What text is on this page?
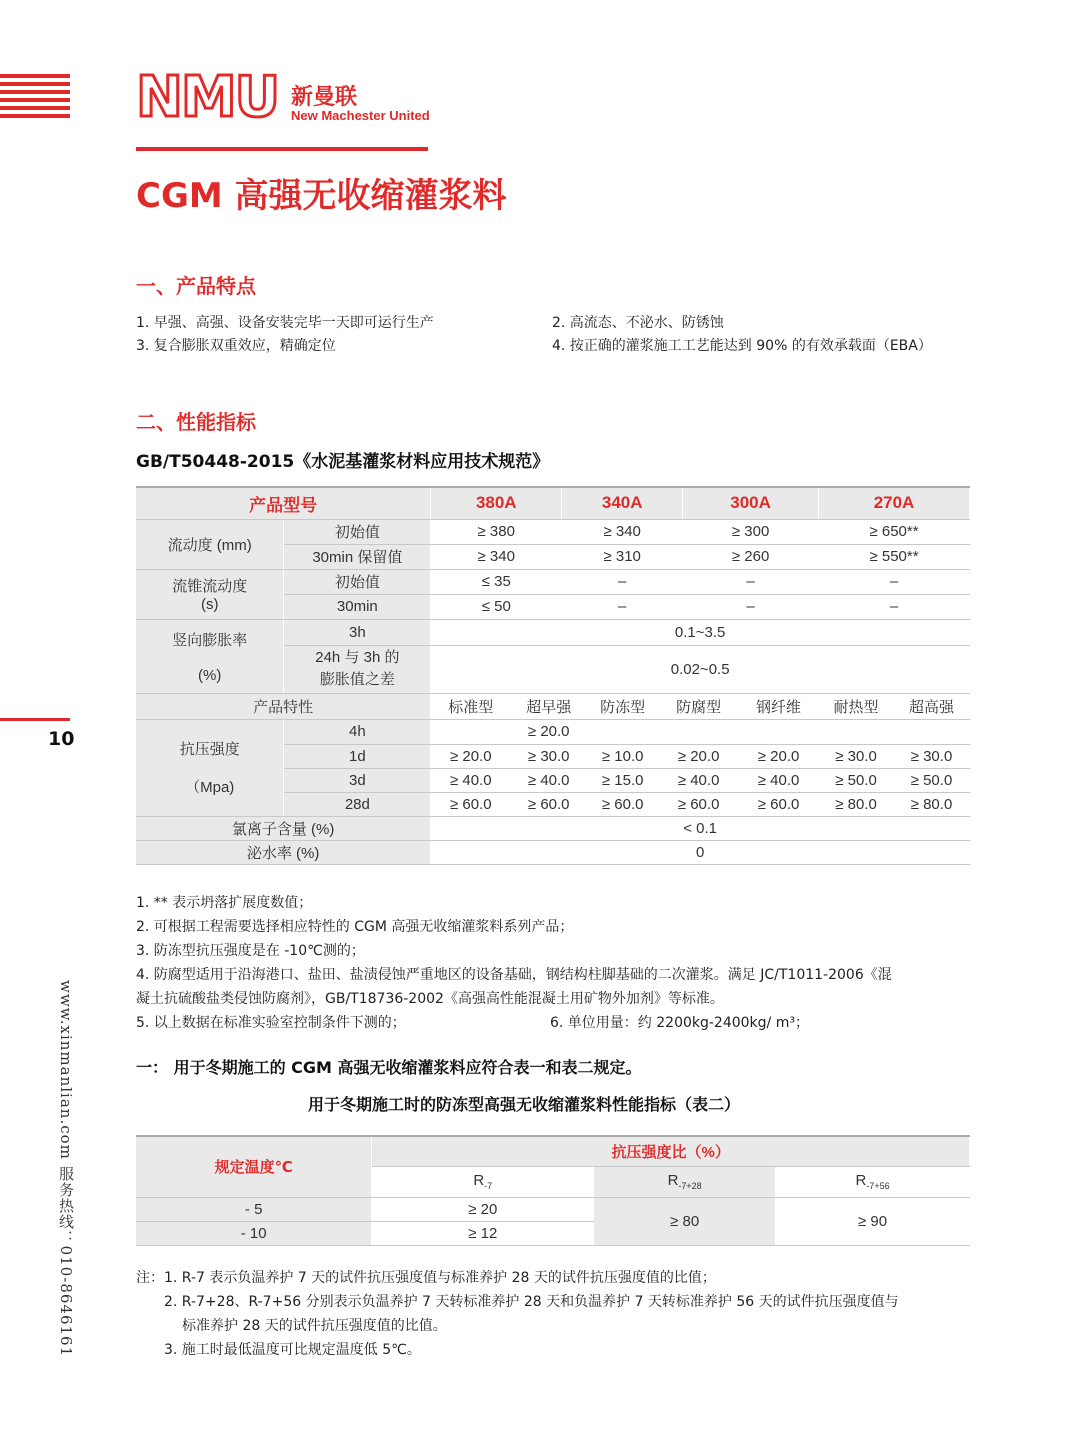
NMU 新曼联
New Machester United
CGM 高强无收缩灌浆料
一、产品特点
1. 早强、高强、设备安装完毕一天即可运行生产	2. 高流态、不泌水、防锈蚀
3. 复合膨胀双重效应，精确定位	4. 按正确的灌浆施工工艺能达到 90% 的有效承载面（EBA）
二、性能指标
GB/T50448-2015《水泥基灌浆材料应用技术规范》
产品型号		380A		340A			300A		270A	
流动度 (mm)	初始值	≥ 380		≥ 340			≥ 300		≥ 650**	
	30min 保留值	≥ 340		≥ 310			≥ 260		≥ 550**	
流锥流动度
(s)	初始值	≤ 35		–			–		–	
	30min	≤ 50		–			–		–	
竖向膨胀率

(%)	3h	0.1~3.5								
	24h 与 3h 的
膨胀值之差	0.02~0.5								
产品特性		标准型	超早强		防冻型	防腐型		钢纤维	耐热型	超高强
抗压强度

（Mpa)	4h		≥ 20.0							
	1d	≥ 20.0	≥ 30.0		≥ 10.0	≥ 20.0		≥ 20.0	≥ 30.0	≥ 30.0
	3d	≥ 40.0	≥ 40.0		≥ 15.0	≥ 40.0		≥ 40.0	≥ 50.0	≥ 50.0
	28d	≥ 60.0	≥ 60.0		≥ 60.0	≥ 60.0		≥ 60.0	≥ 80.0	≥ 80.0
氯离子含量 (%)		< 0.1								
泌水率 (%)		0								
1. ** 表示坍落扩展度数值；
2. 可根据工程需要选择相应特性的 CGM 高强无收缩灌浆料系列产品；
3. 防冻型抗压强度是在 -10℃测的；
4. 防腐型适用于沿海港口、盐田、盐渍侵蚀严重地区的设备基础，钢结构柱脚基础的二次灌浆。满足 JC/T1011-2006《混
凝土抗硫酸盐类侵蚀防腐剂》，GB/T18736-2002《高强高性能混凝土用矿物外加剂》等标准。
5. 以上数据在标准实验室控制条件下测的；	6. 单位用量：约 2200kg-2400kg/ m³；
一： 用于冬期施工的 CGM 高强无收缩灌浆料应符合表一和表二规定。
用于冬期施工时的防冻型高强无收缩灌浆料性能指标（表二）
规定温度℃	抗压强度比（%）		
	$R_{-7}$	$R_{-7+28}$	$R_{-7+56}$
- 5	≥ 20	≥ 80	≥ 90
- 10	≥ 12		
注：1. R-7 表示负温养护 7 天的试件抗压强度值与标准养护 28 天的试件抗压强度值的比值；
2. R-7+28、R-7+56 分别表示负温养护 7 天转标准养护 28 天和负温养护 7 天转标准养护 56 天的试件抗压强度值与
标准养护 28 天的试件抗压强度值的比值。
3. 施工时最低温度可比规定温度低 5℃。
10
www.xinmanlian.com 服务热线：010-8646161
